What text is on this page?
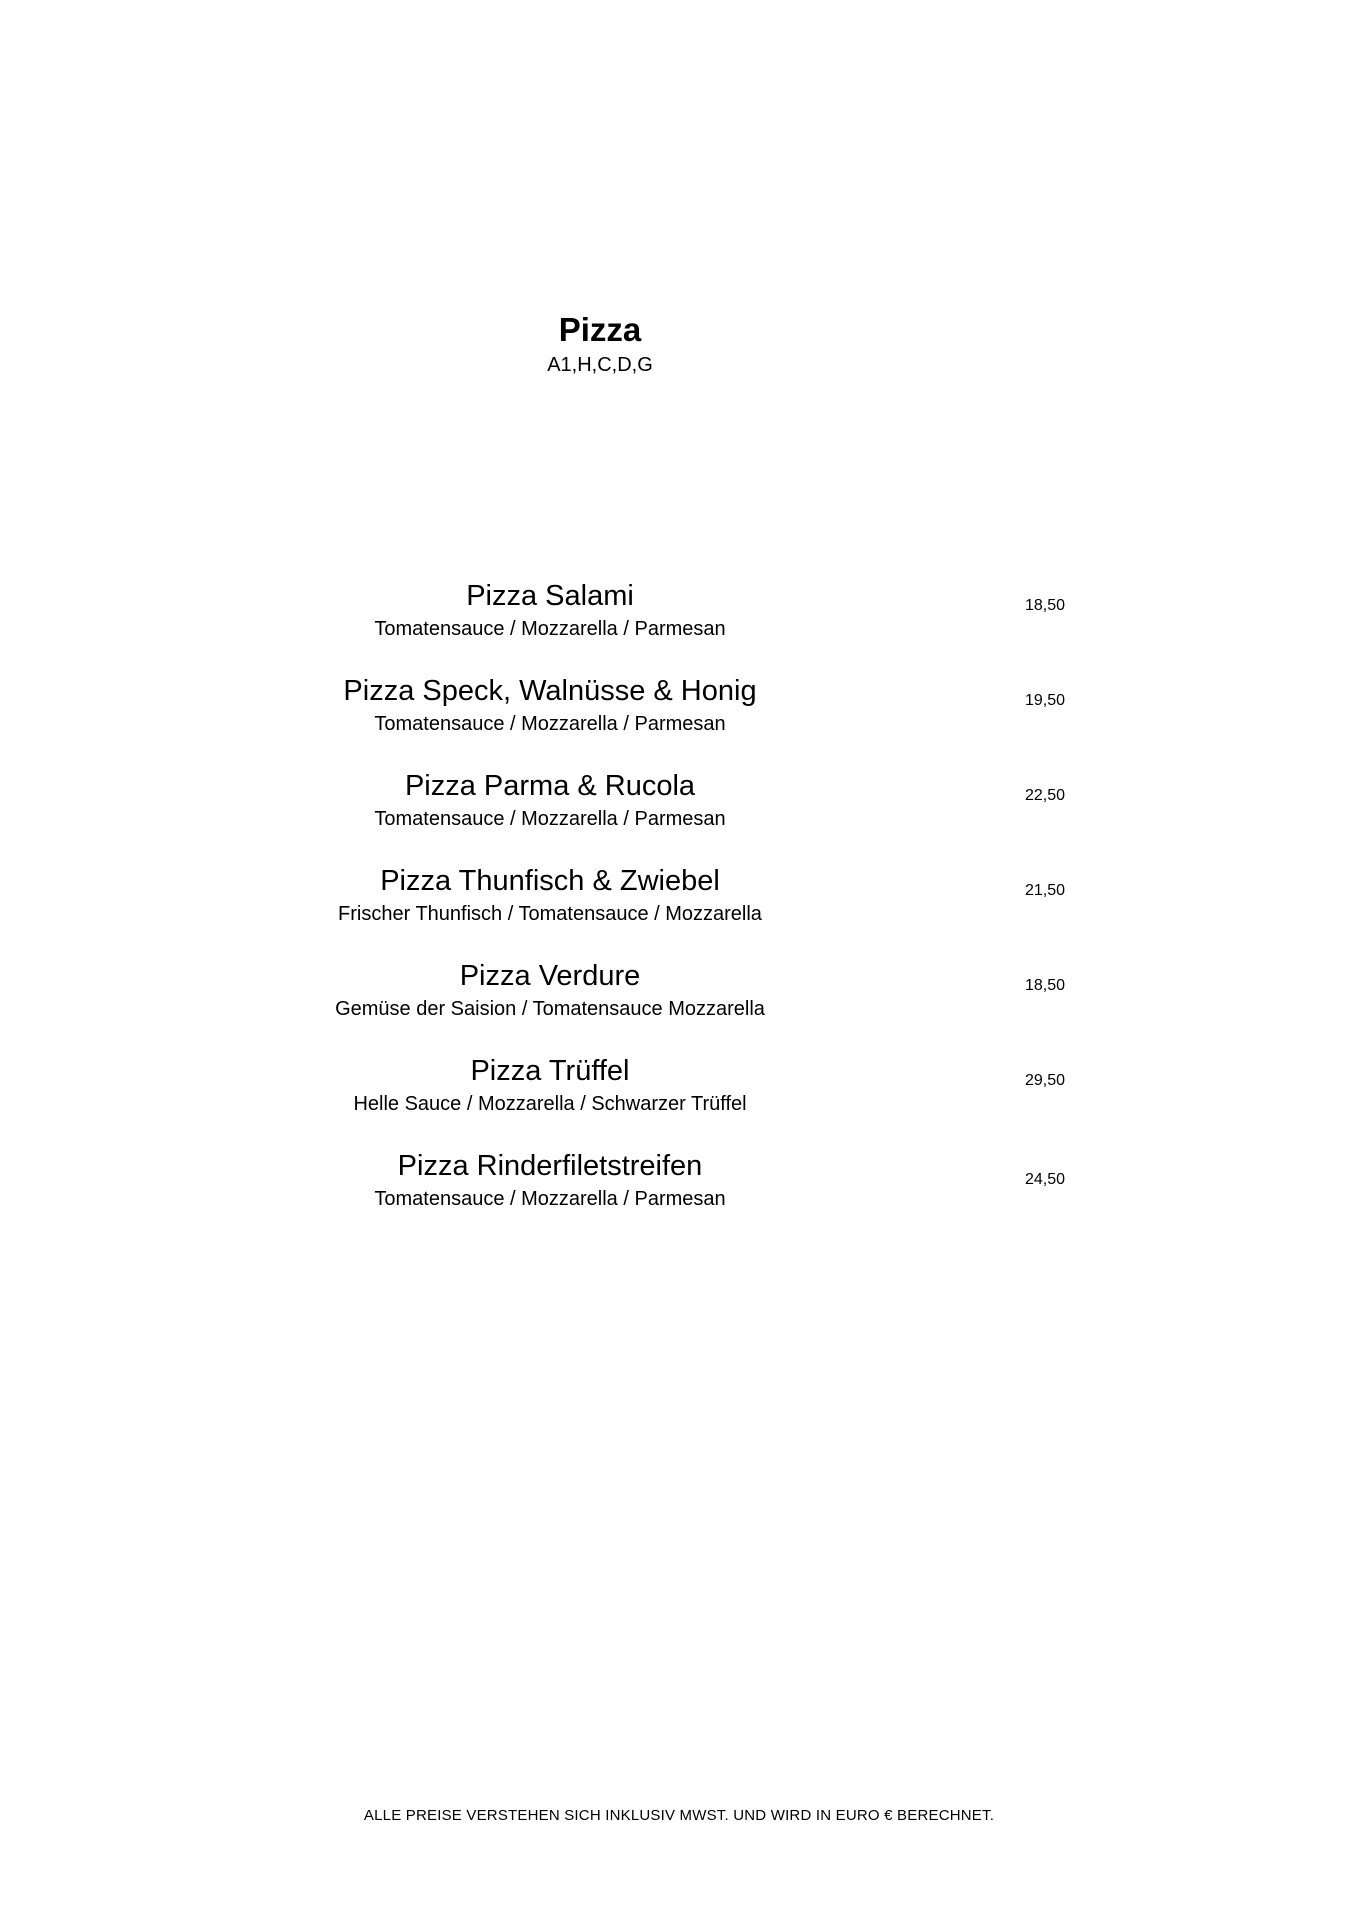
Pizza
A1,H,C,D,G
Pizza Salami
Tomatensauce / Mozzarella / Parmesan
18,50
Pizza Speck, Walnüsse & Honig
Tomatensauce / Mozzarella / Parmesan
19,50
Pizza Parma & Rucola
Tomatensauce / Mozzarella / Parmesan
22,50
Pizza Thunfisch & Zwiebel
Frischer Thunfisch / Tomatensauce / Mozzarella
21,50
Pizza Verdure
Gemüse der Saision / Tomatensauce Mozzarella
18,50
Pizza Trüffel
Helle Sauce / Mozzarella / Schwarzer Trüffel
29,50
Pizza Rinderfiletstreifen
Tomatensauce / Mozzarella / Parmesan
24,50
ALLE PREISE VERSTEHEN SICH INKLUSIV MWST. UND WIRD IN EURO € BERECHNET.
